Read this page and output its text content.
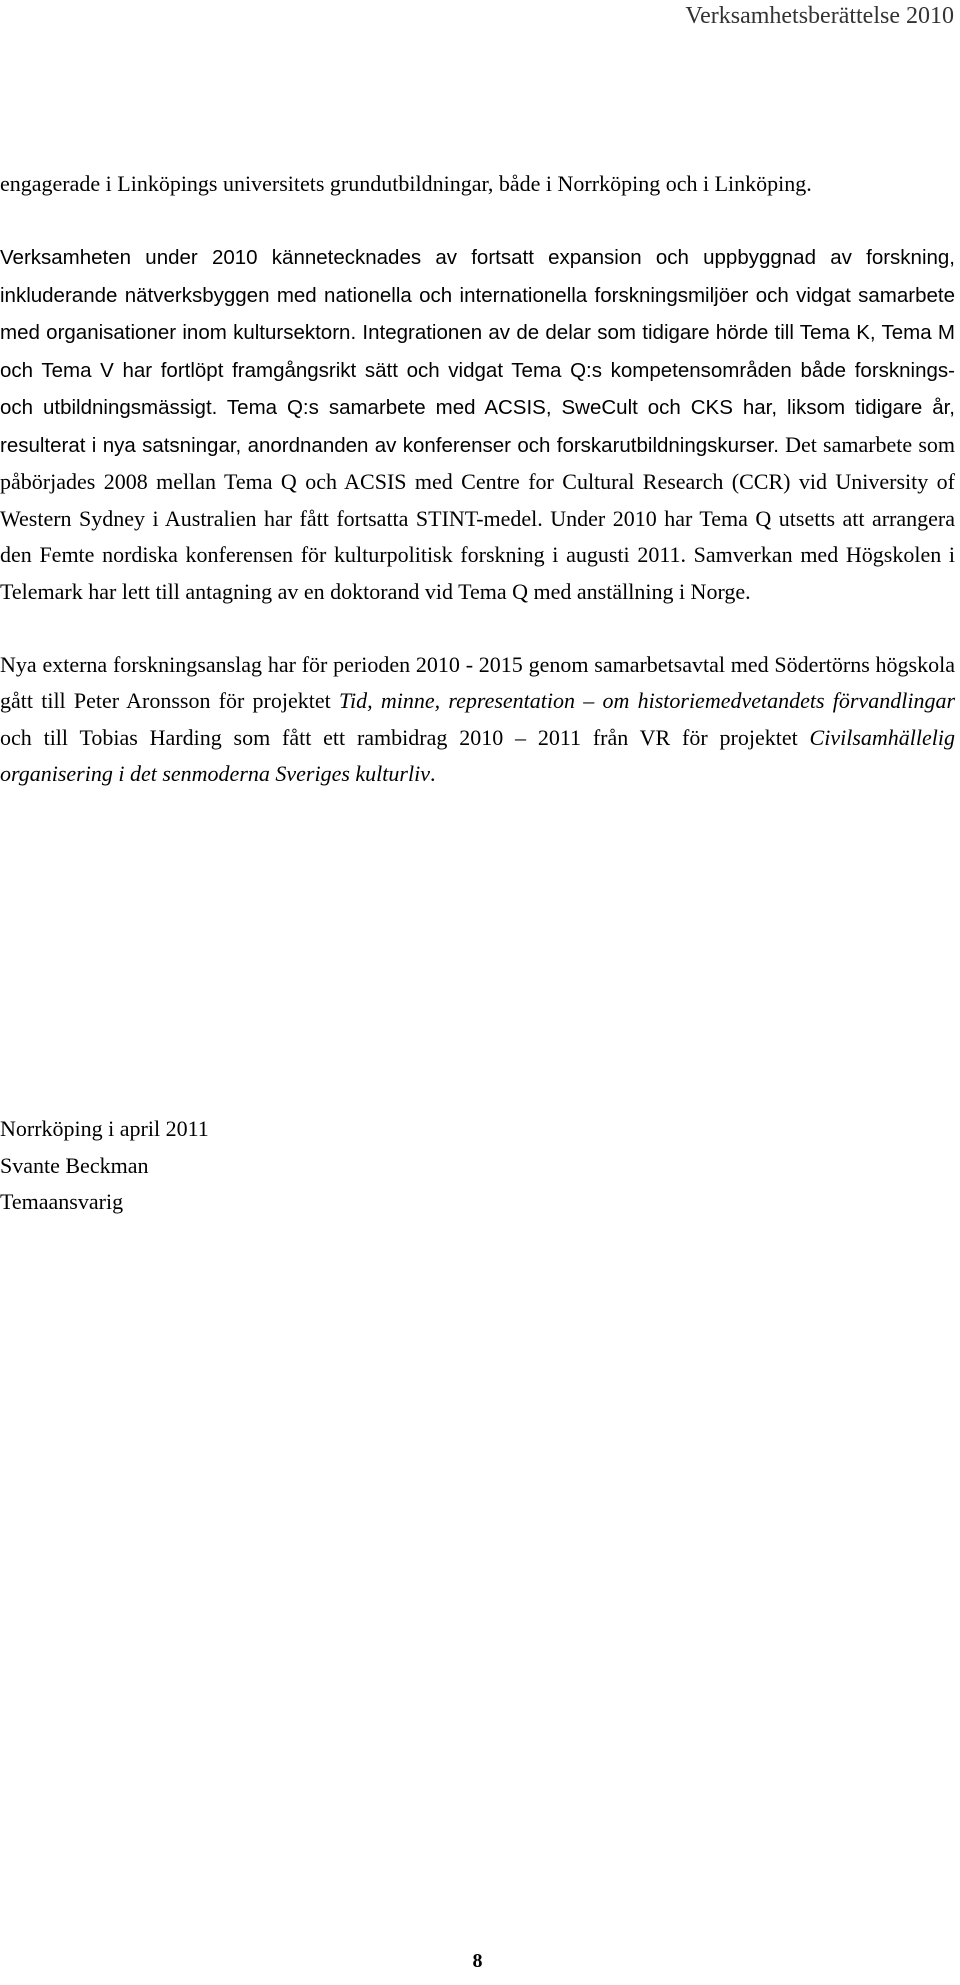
Verksamhetsberättelse 2010

engagerade i Linköpings universitets grundutbildningar, både i Norrköping och i Linköping.

Verksamheten under 2010 kännetecknades av fortsatt expansion och uppbyggnad av forskning, inkluderande nätverksbyggen med nationella och internationella forskningsmiljöer och vidgat samarbete med organisationer inom kultursektorn. Integrationen av de delar som tidigare hörde till Tema K, Tema M och Tema V har fortlöpt framgångsrikt sätt och vidgat Tema Q:s kompetensområden både forsknings- och utbildningsmässigt. Tema Q:s samarbete med ACSIS, SweCult och CKS har, liksom tidigare år, resulterat i nya satsningar, anordnanden av konferenser och forskarutbildningskurser. Det samarbete som påbörjades 2008 mellan Tema Q och ACSIS med Centre for Cultural Research (CCR) vid University of Western Sydney i Australien har fått fortsatta STINT-medel. Under 2010 har Tema Q utsetts att arrangera den Femte nordiska konferensen för kulturpolitisk forskning i augusti 2011. Samverkan med Högskolen i Telemark har lett till antagning av en doktorand vid Tema Q med anställning i Norge.

Nya externa forskningsanslag har för perioden 2010 - 2015 genom samarbetsavtal med Södertörns högskola gått till Peter Aronsson för projektet Tid, minne, representation – om historiemedvetandets förvandlingar och till Tobias Harding som fått ett rambidrag 2010 – 2011 från VR för projektet Civilsamhällelig organisering i det senmoderna Sveriges kulturliv.

Norrköping i april 2011
Svante Beckman
Temaansvarig
8
